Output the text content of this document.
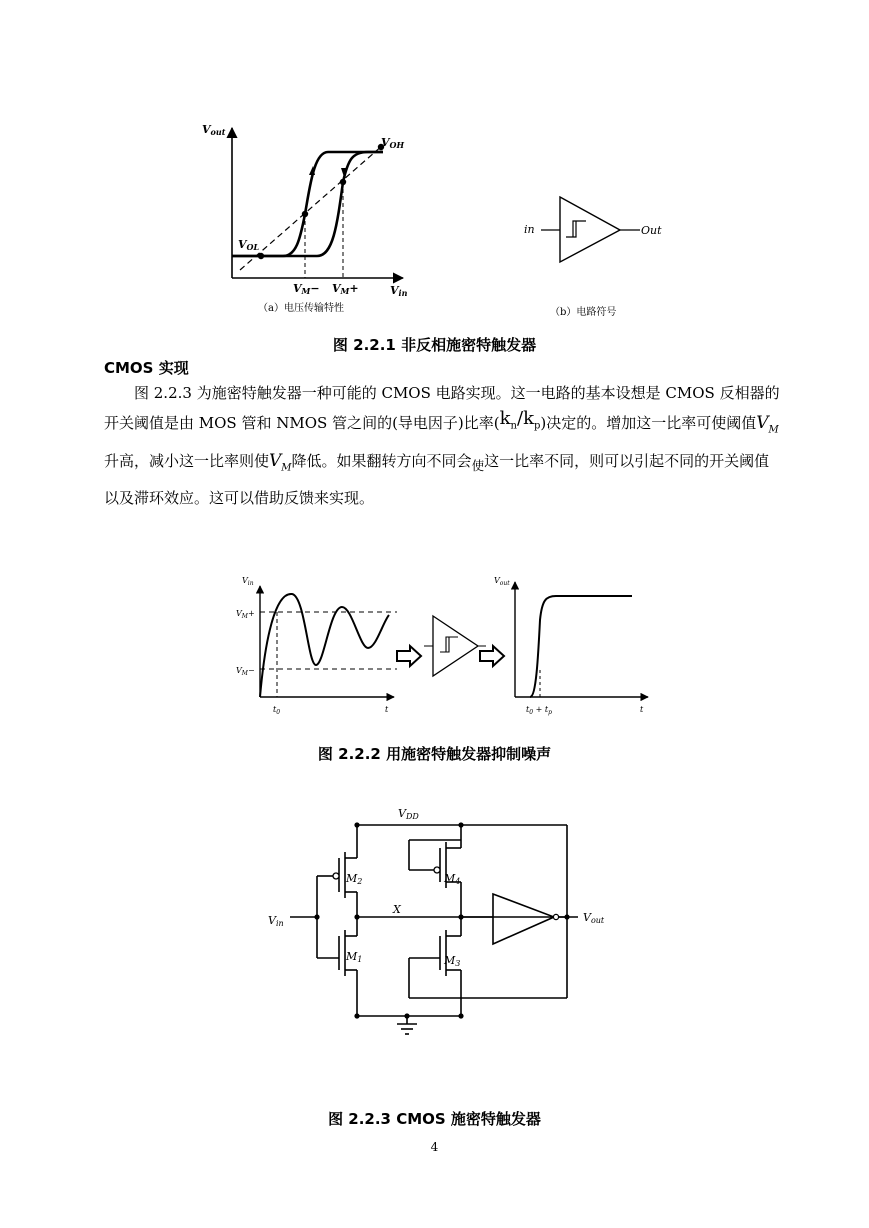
Vout
VOH
VOL
Vin
VM− VM+
（a）电压传输特性
in	Out
（b）电路符号
图 2.2.1 非反相施密特触发器
CMOS 实现

图 2.2.3 为施密特触发器一种可能的 CMOS 电路实现。这一电路的基本设想是 CMOS 反相器的 开关阈值是由 MOS 管和 NMOS 管之间的(导电因子)比率$(k_n/k_p)$决定的。增加这一比率可使阈值$V_M$升高，减小这一比率则使$V_M$降低。如果翻转方向不同会$_使$这一比率不同，则可以引起不同的开关阈值以及滞环效应。这可以借助反馈来实现。

$V_{in}$
$V_M+$
$V_M-$
$t_0$	t
$V_{out}$
$t_0 + t_p$	t
图 2.2.2 用施密特触发器抑制噪声
VDD
M2	M4
M1	M3
X
Vin	Vout
图 2.2.3 CMOS 施密特触发器
4
